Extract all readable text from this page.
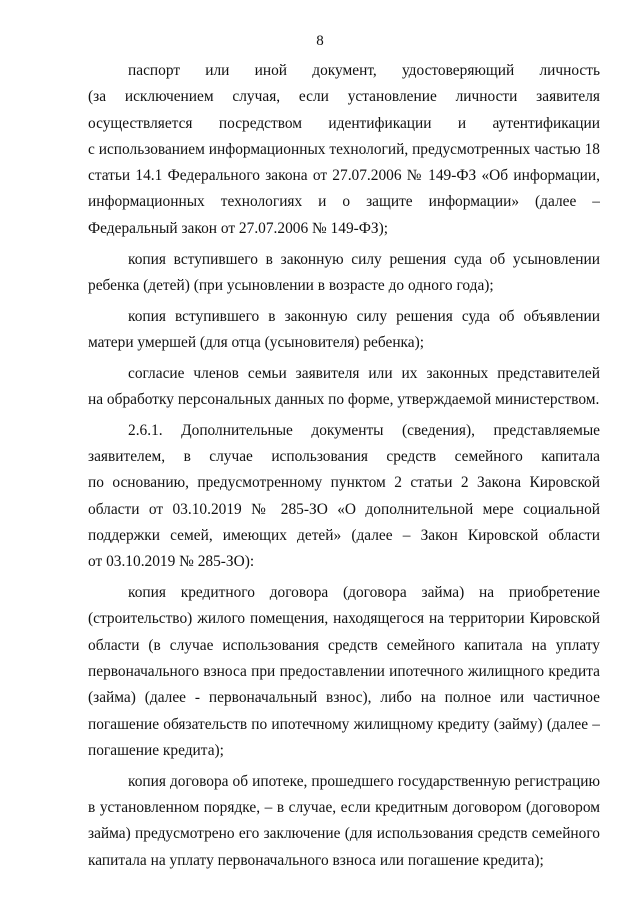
8
паспорт или иной документ, удостоверяющий личность
(за исключением случая, если установление личности заявителя
осуществляется посредством идентификации и аутентификации
с использованием информационных технологий, предусмотренных частью 18
статьи 14.1 Федерального закона от 27.07.2006 № 149-ФЗ «Об информации,
информационных технологиях и о защите информации» (далее –
Федеральный закон от 27.07.2006 № 149-ФЗ);
копия вступившего в законную силу решения суда об усыновлении
ребенка (детей) (при усыновлении в возрасте до одного года);
копия вступившего в законную силу решения суда об объявлении
матери умершей (для отца (усыновителя) ребенка);
согласие членов семьи заявителя или их законных представителей
на обработку персональных данных по форме, утверждаемой министерством.
2.6.1. Дополнительные документы (сведения), представляемые
заявителем, в случае использования средств семейного капитала
по основанию, предусмотренному пунктом 2 статьи 2 Закона Кировской
области от 03.10.2019 № 285-ЗО «О дополнительной мере социальной
поддержки семей, имеющих детей» (далее – Закон Кировской области
от 03.10.2019 № 285-ЗО):
копия кредитного договора (договора займа) на приобретение
(строительство) жилого помещения, находящегося на территории Кировской
области (в случае использования средств семейного капитала на уплату
первоначального взноса при предоставлении ипотечного жилищного кредита
(займа) (далее - первоначальный взнос), либо на полное или частичное
погашение обязательств по ипотечному жилищному кредиту (займу) (далее –
погашение кредита);
копия договора об ипотеке, прошедшего государственную регистрацию
в установленном порядке, – в случае, если кредитным договором (договором
займа) предусмотрено его заключение (для использования средств семейного
капитала на уплату первоначального взноса или погашение кредита);
